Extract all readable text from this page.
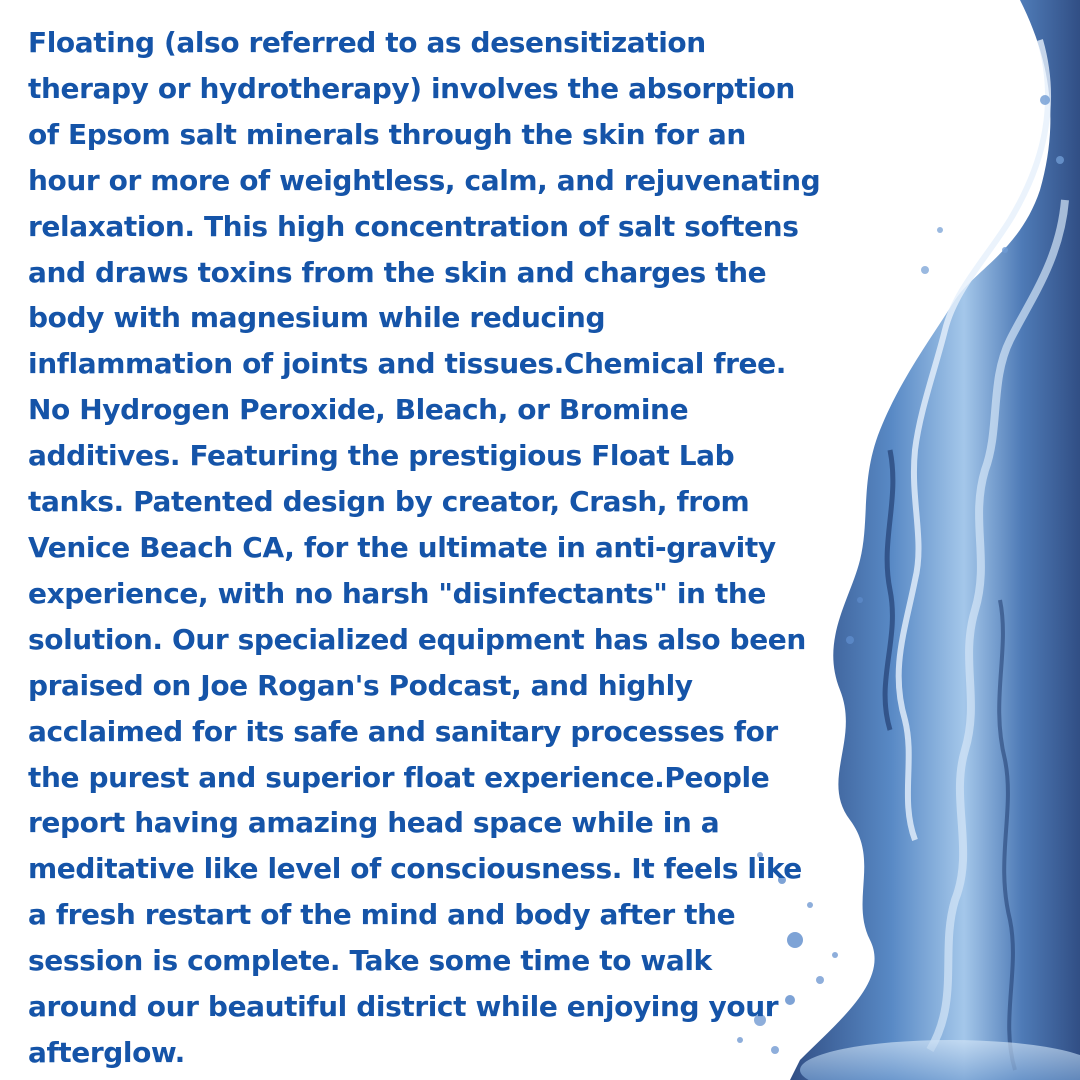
Floating (also referred to as desensitization
therapy or hydrotherapy) involves the absorption
of Epsom salt minerals through the skin for an
hour or more of weightless, calm, and rejuvenating
relaxation. This high concentration of salt softens
and draws toxins from the skin and charges the
body with magnesium while reducing
inflammation of joints and tissues.Chemical free.
No Hydrogen Peroxide, Bleach, or Bromine
additives. Featuring the prestigious Float Lab
tanks. Patented design by creator, Crash, from
Venice Beach CA, for the ultimate in anti-gravity
experience, with no harsh "disinfectants" in the
solution. Our specialized equipment has also been
praised on Joe Rogan's Podcast, and highly
acclaimed for its safe and sanitary processes for
the purest and superior float experience.People
report having amazing head space while in a
meditative like level of consciousness. It feels like
a fresh restart of the mind and body after the
session is complete. Take some time to walk
around our beautiful district while enjoying your
afterglow.
